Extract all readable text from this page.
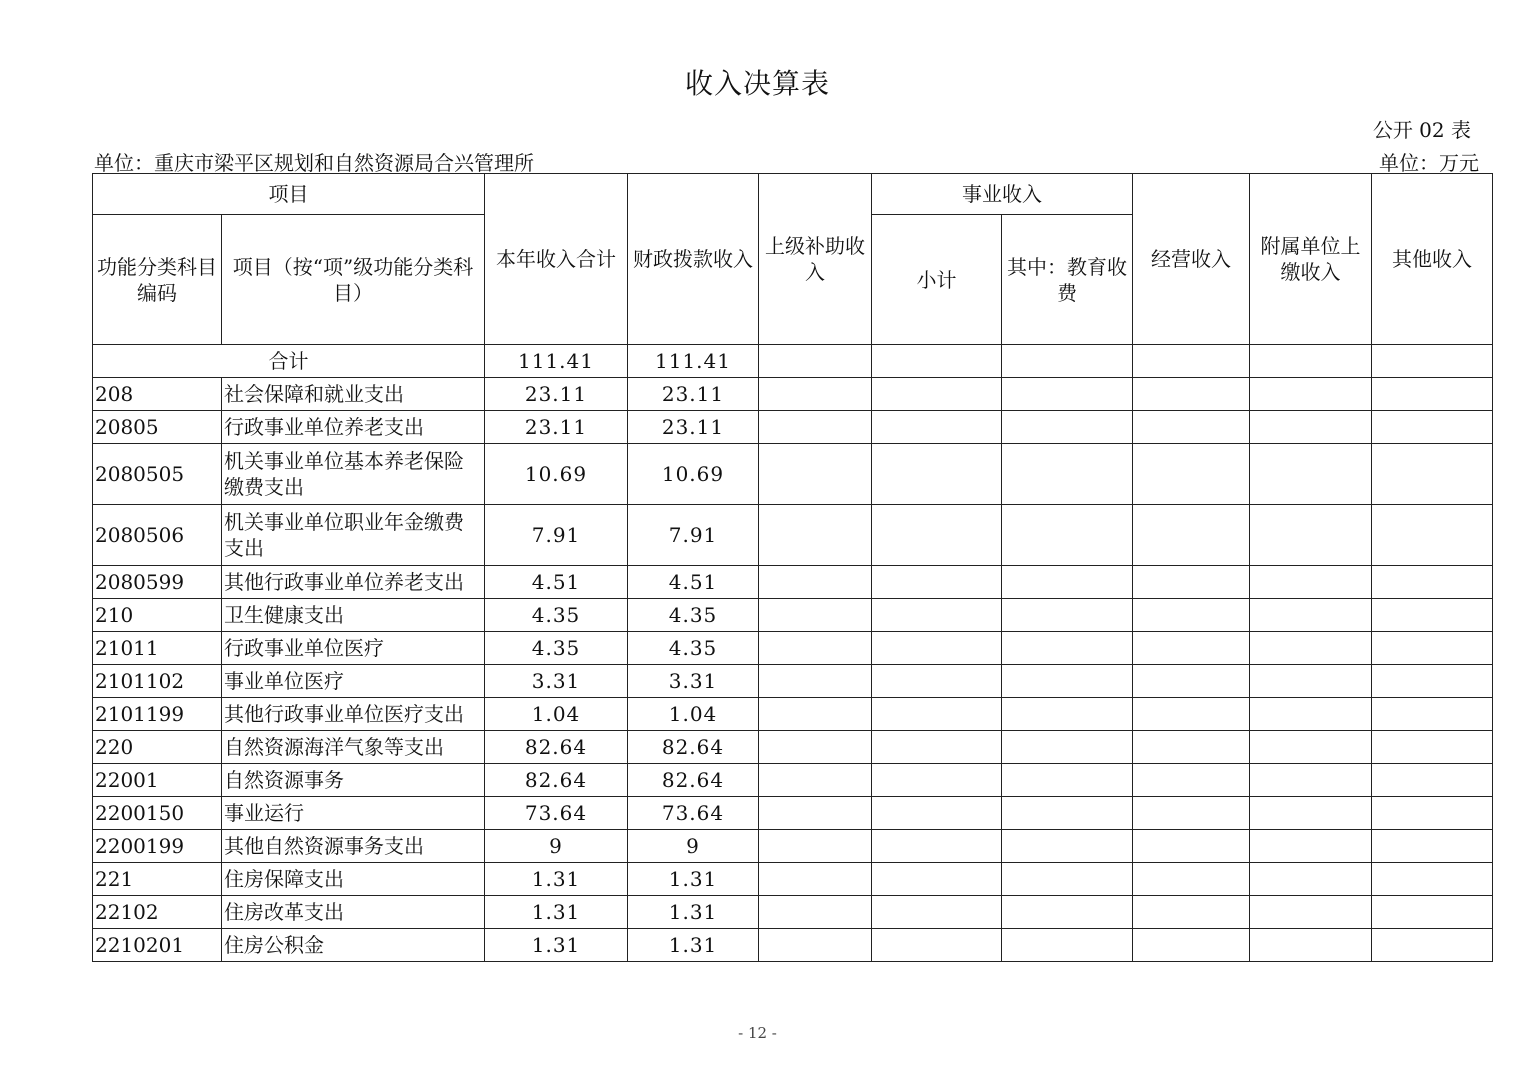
收入决算表
公开 02 表
单位：重庆市梁平区规划和自然资源局合兴管理所	单位：万元
项目		本年收入合计	财政拨款收入	上级补助收入	事业收入		经营收入	附属单位上缴收入	其他收入
功能分类科目编码	项目（按“项”级功能分类科目）				小计	其中：教育收费			
合计		111.41	111.41						
208	社会保障和就业支出	23.11	23.11						
20805	行政事业单位养老支出	23.11	23.11						
2080505	机关事业单位基本养老保险缴费支出	10.69	10.69						
2080506	机关事业单位职业年金缴费支出	7.91	7.91						
2080599	其他行政事业单位养老支出	4.51	4.51						
210	卫生健康支出	4.35	4.35						
21011	行政事业单位医疗	4.35	4.35						
2101102	事业单位医疗	3.31	3.31						
2101199	其他行政事业单位医疗支出	1.04	1.04						
220	自然资源海洋气象等支出	82.64	82.64						
22001	自然资源事务	82.64	82.64						
2200150	事业运行	73.64	73.64						
2200199	其他自然资源事务支出	9	9						
221	住房保障支出	1.31	1.31						
22102	住房改革支出	1.31	1.31						
2210201	住房公积金	1.31	1.31						
- 12 -
